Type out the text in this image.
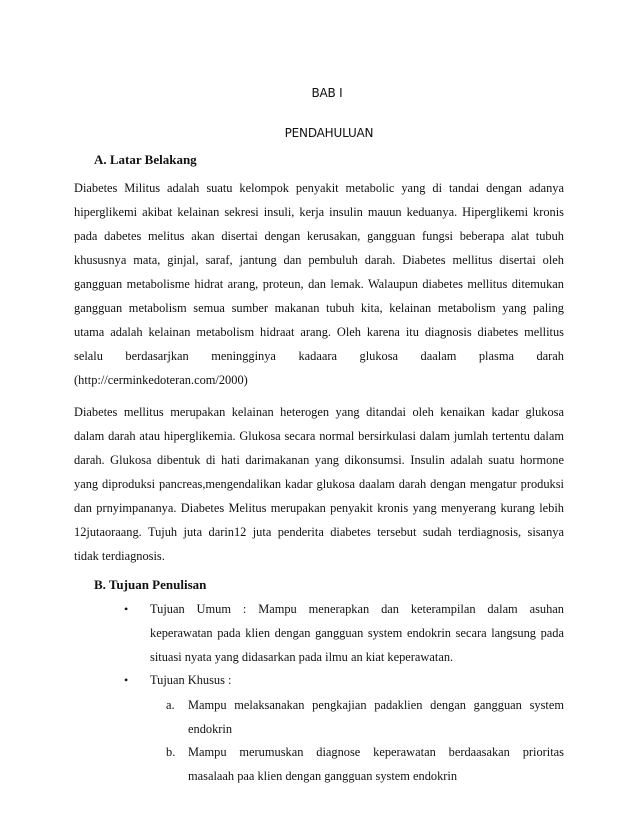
BAB I
PENDAHULUAN
A. Latar Belakang

Diabetes Militus adalah suatu kelompok penyakit metabolic yang di tandai dengan adanya

hiperglikemi akibat kelainan sekresi insuli, kerja insulin mauun keduanya. Hiperglikemi kronis

pada dabetes melitus akan disertai dengan kerusakan, gangguan fungsi beberapa alat tubuh

khususnya mata, ginjal, saraf, jantung dan pembuluh darah. Diabetes mellitus disertai oleh

gangguan metabolisme hidrat arang, proteun, dan lemak. Walaupun diabetes mellitus ditemukan

gangguan metabolism semua sumber makanan tubuh kita, kelainan metabolism yang paling

utama adalah kelainan metabolism hidraat arang. Oleh karena itu diagnosis diabetes mellitus

selalu berdasarjkan meningginya kadaara glukosa daalam plasma darah

(http://cerminkedoteran.com/2000)

Diabetes mellitus merupakan kelainan heterogen yang ditandai oleh kenaikan kadar glukosa

dalam darah atau hiperglikemia. Glukosa secara normal bersirkulasi dalam jumlah tertentu dalam

darah. Glukosa dibentuk di hati darimakanan yang dikonsumsi. Insulin adalah suatu hormone

yang diproduksi pancreas,mengendalikan kadar glukosa daalam darah dengan mengatur produksi

dan prnyimpananya. Diabetes Melitus merupakan penyakit kronis yang menyerang kurang lebih

12jutaoraang. Tujuh juta darin12 juta penderita diabetes tersebut sudah terdiagnosis, sisanya

tidak terdiagnosis.

B. Tujuan Penulisan
• Tujuan Umum : Mampu menerapkan dan keterampilan dalam asuhan

keperawatan pada klien dengan gangguan system endokrin secara langsung pada

situasi nyata yang didasarkan pada ilmu an kiat keperawatan.

• Tujuan Khusus :

a. Mampu melaksanakan pengkajian padaklien dengan gangguan system

endokrin

b. Mampu merumuskan diagnose keperawatan berdaasakan prioritas

masalaah paa klien dengan gangguan system endokrin
